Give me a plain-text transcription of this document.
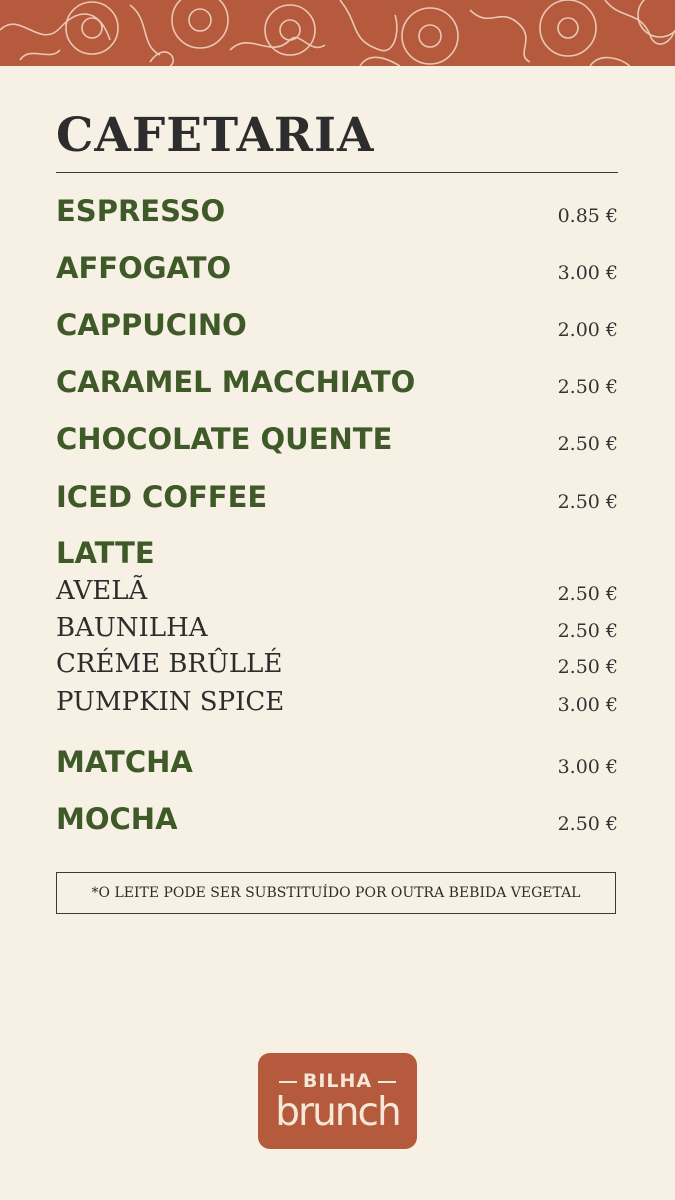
CAFETARIA
ESPRESSO	0.85 €
AFFOGATO	3.00 €
CAPPUCINO	2.00 €
CARAMEL MACCHIATO	2.50 €
CHOCOLATE QUENTE	2.50 €
ICED COFFEE	2.50 €
LATTE
AVELÃ	2.50 €
BAUNILHA	2.50 €
CRÉME BRÛLLÉ	2.50 €
PUMPKIN SPICE	3.00 €
MATCHA	3.00 €
MOCHA	2.50 €
*O LEITE PODE SER SUBSTITUÍDO POR OUTRA BEBIDA VEGETAL
BILHA
brunch
